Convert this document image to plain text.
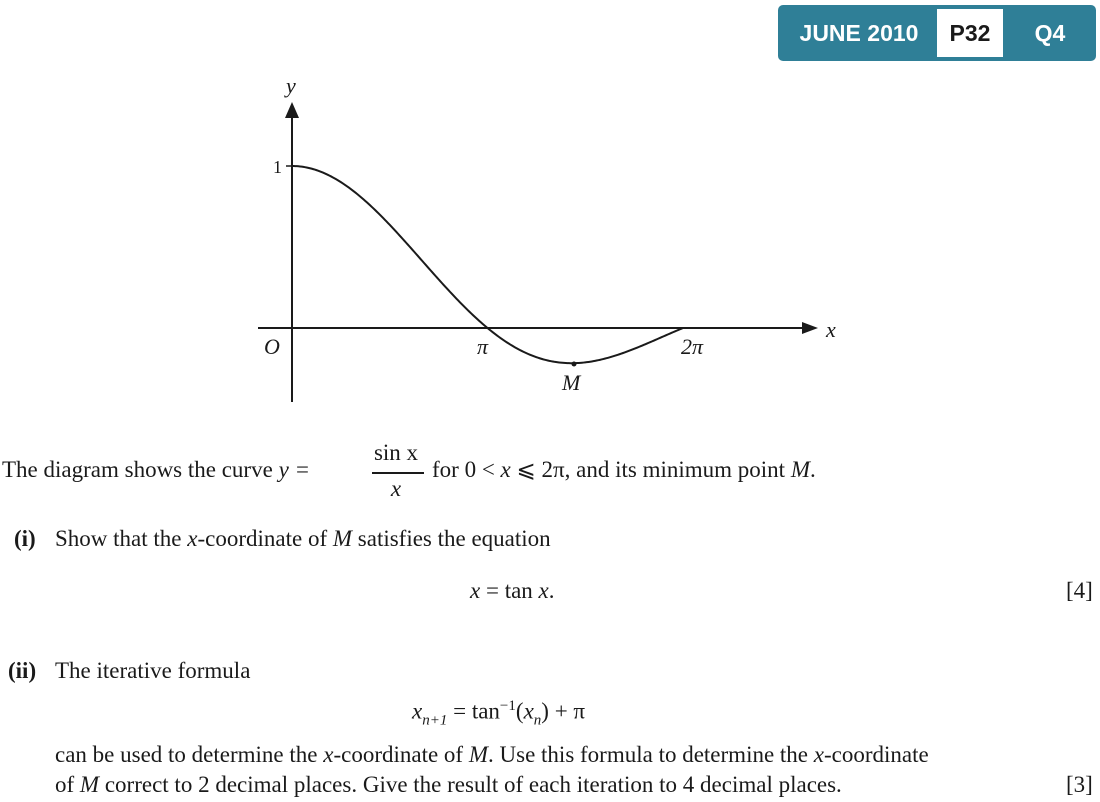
JUNE 2010	P32	Q4
y
x
O
1
π	2π
M
The diagram shows the curve y =
sin x
x
for 0 < x ⩽ 2π, and its minimum point M.
(i) Show that the x-coordinate of M satisfies the equation
x = tan x.	[4]
(ii) The iterative formula
$x_{n+1} = \tan^{-1}(x_n) + \pi$
can be used to determine the x-coordinate of M. Use this formula to determine the x-coordinate
of M correct to 2 decimal places. Give the result of each iteration to 4 decimal places.	[3]
